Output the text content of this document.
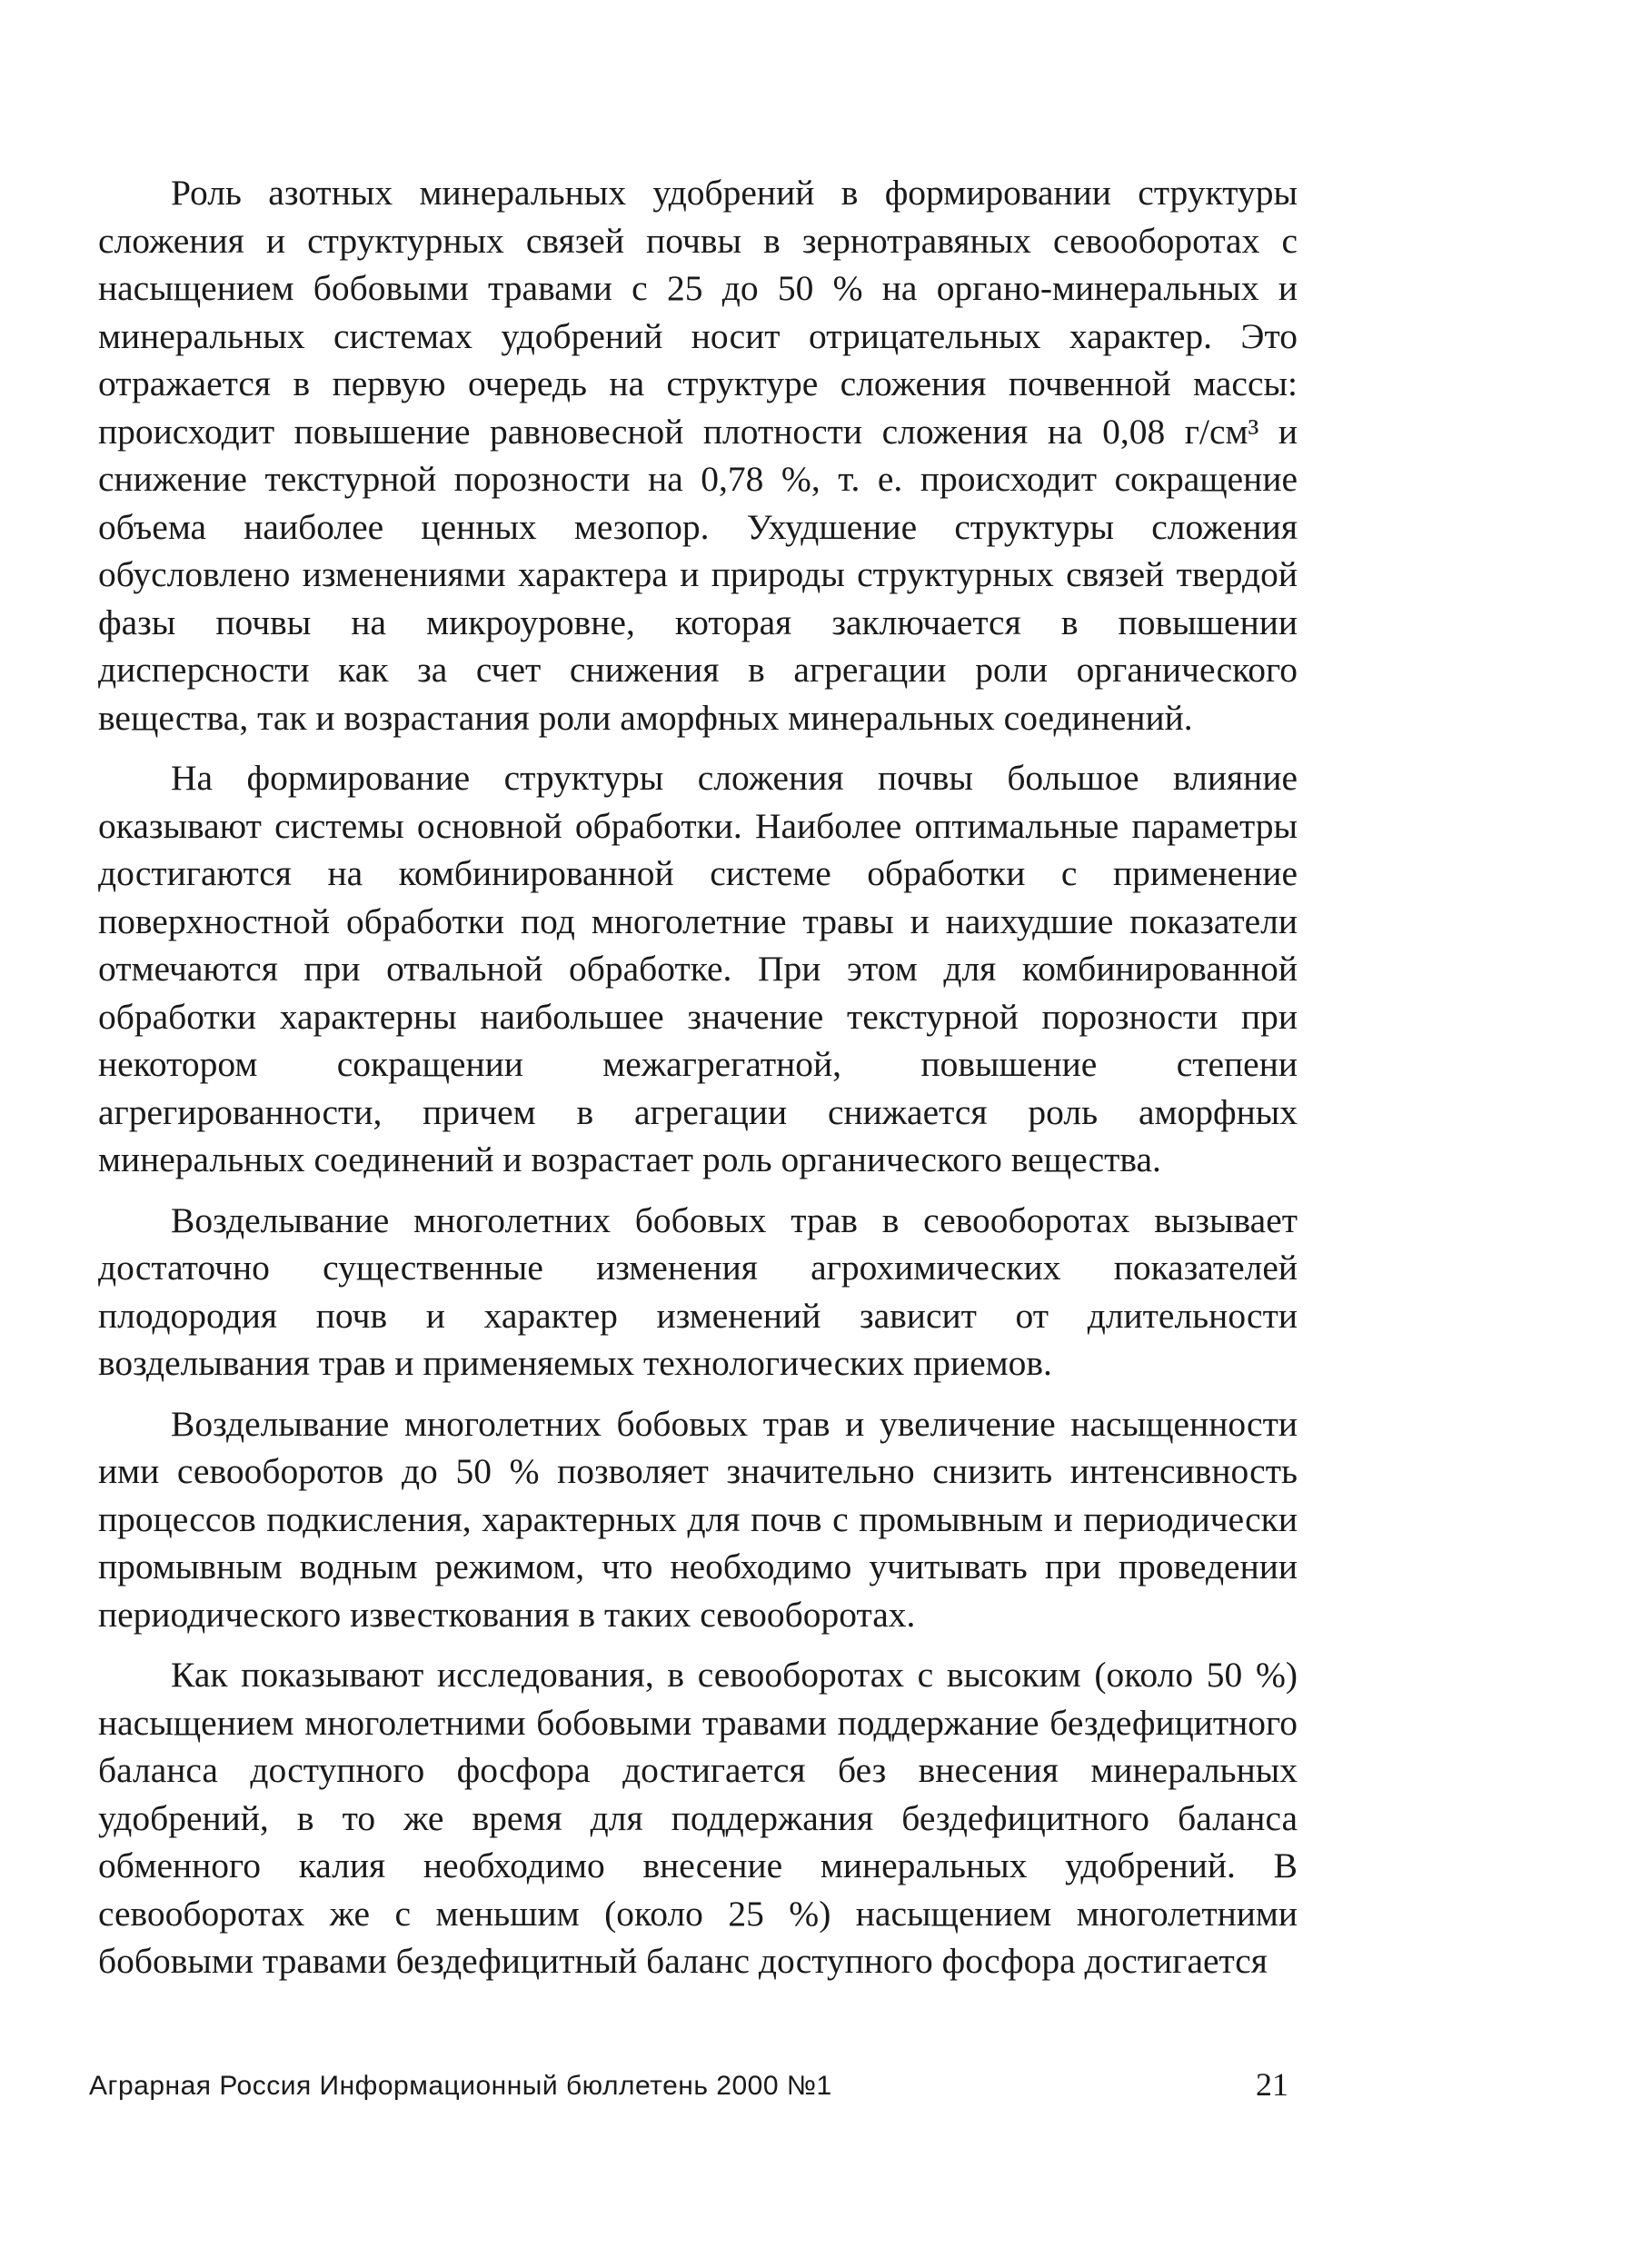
Роль азотных минеральных удобрений в формировании структуры сложения и структурных связей почвы в зернотравяных севооборотах с насыщением бобовыми травами с 25 до 50 % на органо-минеральных и минеральных системах удобрений носит отрицательных характер. Это отражается в первую очередь на структуре сложения почвенной массы: происходит повышение равновесной плотности сложения на 0,08 г/см³ и снижение текстурной порозности на 0,78 %, т. е. происходит сокращение объема наиболее ценных мезопор. Ухудшение структуры сложения обусловлено изменениями характера и природы структурных связей твердой фазы почвы на микроуровне, которая заключается в повышении дисперсности как за счет снижения в агрегации роли органического вещества, так и возрастания роли аморфных минеральных соединений.

На формирование структуры сложения почвы большое влияние оказывают системы основной обработки. Наиболее оптимальные параметры достигаются на комбинированной системе обработки с применение поверхностной обработки под многолетние травы и наихудшие показатели отмечаются при отвальной обработке. При этом для комбинированной обработки характерны наибольшее значение текстурной порозности при некотором сокращении межагрегатной, повышение степени агрегированности, причем в агрегации снижается роль аморфных минеральных соединений и возрастает роль органического вещества.

Возделывание многолетних бобовых трав в севооборотах вызывает достаточно существенные изменения агрохимических показателей плодородия почв и характер изменений зависит от длительности возделывания трав и применяемых технологических приемов.

Возделывание многолетних бобовых трав и увеличение насыщенности ими севооборотов до 50 % позволяет значительно снизить интенсивность процессов подкисления, характерных для почв с промывным и периодически промывным водным режимом, что необходимо учитывать при проведении периодического известкования в таких севооборотах.

Как показывают исследования, в севооборотах с высоким (около 50 %) насыщением многолетними бобовыми травами поддержание бездефицитного баланса доступного фосфора достигается без внесения минеральных удобрений, в то же время для поддержания бездефицитного баланса обменного калия необходимо внесение минеральных удобрений. В севооборотах же с меньшим (около 25 %) насыщением многолетними бобовыми травами бездефицитный баланс доступного фосфора достигается

Аграрная Россия Информационный бюллетень 2000 №1	21
